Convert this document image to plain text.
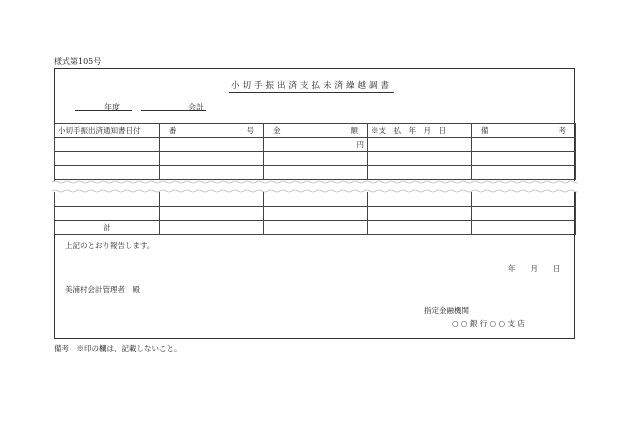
様式第105号
小切手振出済支払未済繰越調書
年度	会計
小切手振出済通知書日付	番 号	金 額	※支　払　年　月　日	備 考

		円		

計				
上記のとおり報告します。
年　　月　　日
美浦村会計管理者　殿
指定金融機関
○ ○ 銀 行 ○ ○ 支 店
備考　※印の欄は、記載しないこと。
